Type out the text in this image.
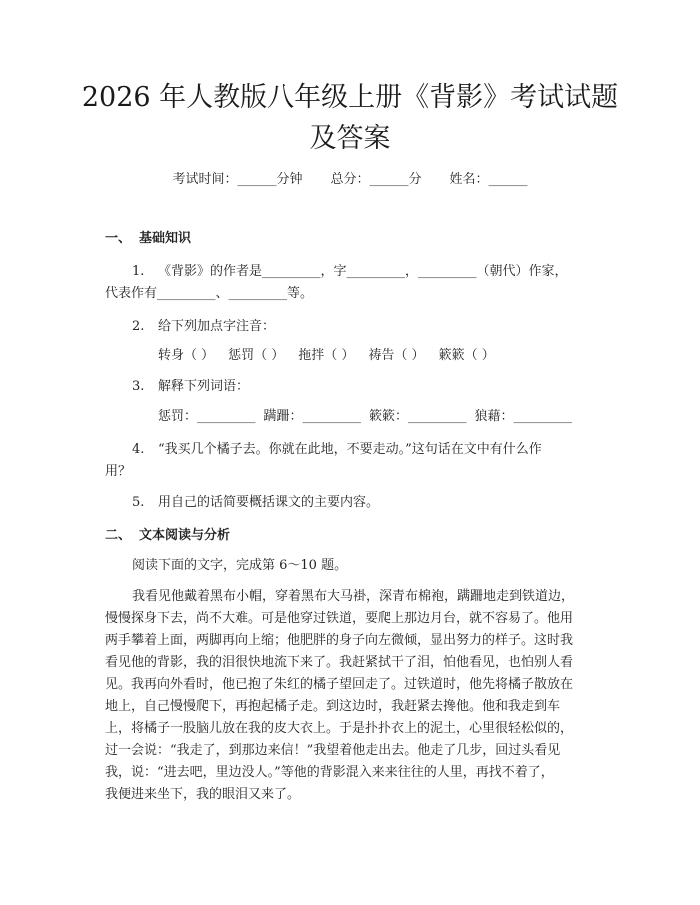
2026 年人教版八年级上册《背影》考试试题
及答案
考试时间：______分钟 总分：______分 姓名：______
一、 基础知识
1. 《背影》的作者是_________，字_________，_________（朝代）作家，
代表作有_________、_________等。
2. 给下列加点字注音：
转身（ ） 惩罚（ ） 拖拌（ ） 祷告（ ） 簌簌（ ）
3. 解释下列词语：
惩罚：_________ 蹒跚：_________ 簌簌：_________ 狼藉：_________
4. “我买几个橘子去。你就在此地，不要走动。”这句话在文中有什么作
用？
5. 用自己的话简要概括课文的主要内容。
二、 文本阅读与分析
阅读下面的文字，完成第 6～10 题。
我看见他戴着黑布小帽，穿着黑布大马褂，深青布棉袍，蹒跚地走到铁道边，
慢慢探身下去，尚不大难。可是他穿过铁道，要爬上那边月台，就不容易了。他用
两手攀着上面，两脚再向上缩；他肥胖的身子向左微倾，显出努力的样子。这时我
看见他的背影，我的泪很快地流下来了。我赶紧拭干了泪，怕他看见，也怕别人看
见。我再向外看时，他已抱了朱红的橘子望回走了。过铁道时，他先将橘子散放在
地上，自己慢慢爬下，再抱起橘子走。到这边时，我赶紧去搀他。他和我走到车
上，将橘子一股脑儿放在我的皮大衣上。于是扑扑衣上的泥土，心里很轻松似的，
过一会说：“我走了，到那边来信！”我望着他走出去。他走了几步，回过头看见
我，说：“进去吧，里边没人。”等他的背影混入来来往往的人里，再找不着了，
我便进来坐下，我的眼泪又来了。
